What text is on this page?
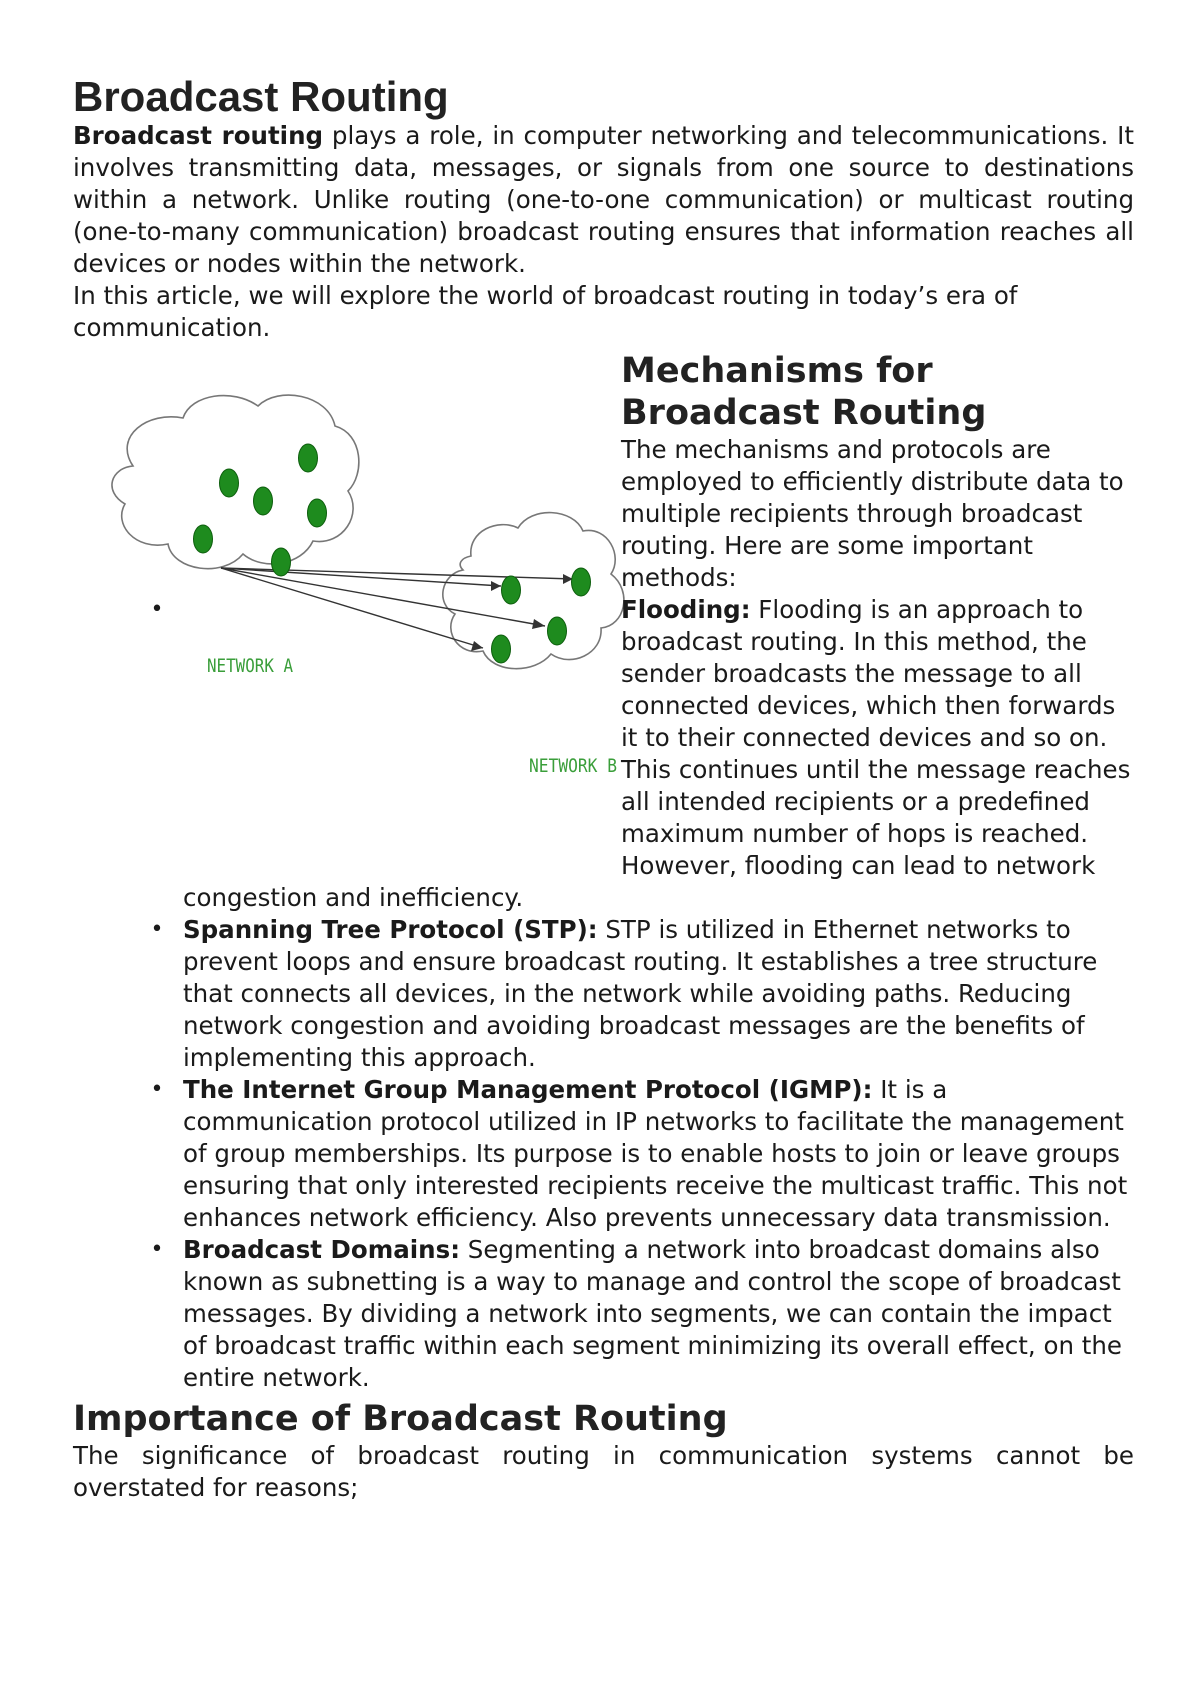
Broadcast Routing

Broadcast routing plays a role, in computer networking and telecommunications. It involves transmitting data, messages, or signals from one source to destinations within a network. Unlike routing (one-to-one communication) or multicast routing (one-to-many communication) broadcast routing ensures that information reaches all devices or nodes within the network.

In this article, we will explore the world of broadcast routing in today’s era of communication.

NETWORK A
NETWORK B
Mechanisms for Broadcast Routing

The mechanisms and protocols are employed to efficiently distribute data to multiple recipients through broadcast routing. Here are some important methods:

•	Flooding: Flooding is an approach to broadcast routing. In this method, the sender broadcasts the message to all connected devices, which then forwards it to their connected devices and so on. This continues until the message reaches all intended recipients or a predefined maximum number of hops is reached. However, flooding can lead to network congestion and inefficiency.
• Spanning Tree Protocol (STP): STP is utilized in Ethernet networks to prevent loops and ensure broadcast routing. It establishes a tree structure that connects all devices, in the network while avoiding paths. Reducing network congestion and avoiding broadcast messages are the benefits of implementing this approach.
• The Internet Group Management Protocol (IGMP): It is a communication protocol utilized in IP networks to facilitate the management of group memberships. Its purpose is to enable hosts to join or leave groups ensuring that only interested recipients receive the multicast traffic. This not enhances network efficiency. Also prevents unnecessary data transmission.
• Broadcast Domains: Segmenting a network into broadcast domains also known as subnetting is a way to manage and control the scope of broadcast messages. By dividing a network into segments, we can contain the impact of broadcast traffic within each segment minimizing its overall effect, on the entire network.
Importance of Broadcast Routing

The significance of broadcast routing in communication systems cannot be overstated for reasons;
